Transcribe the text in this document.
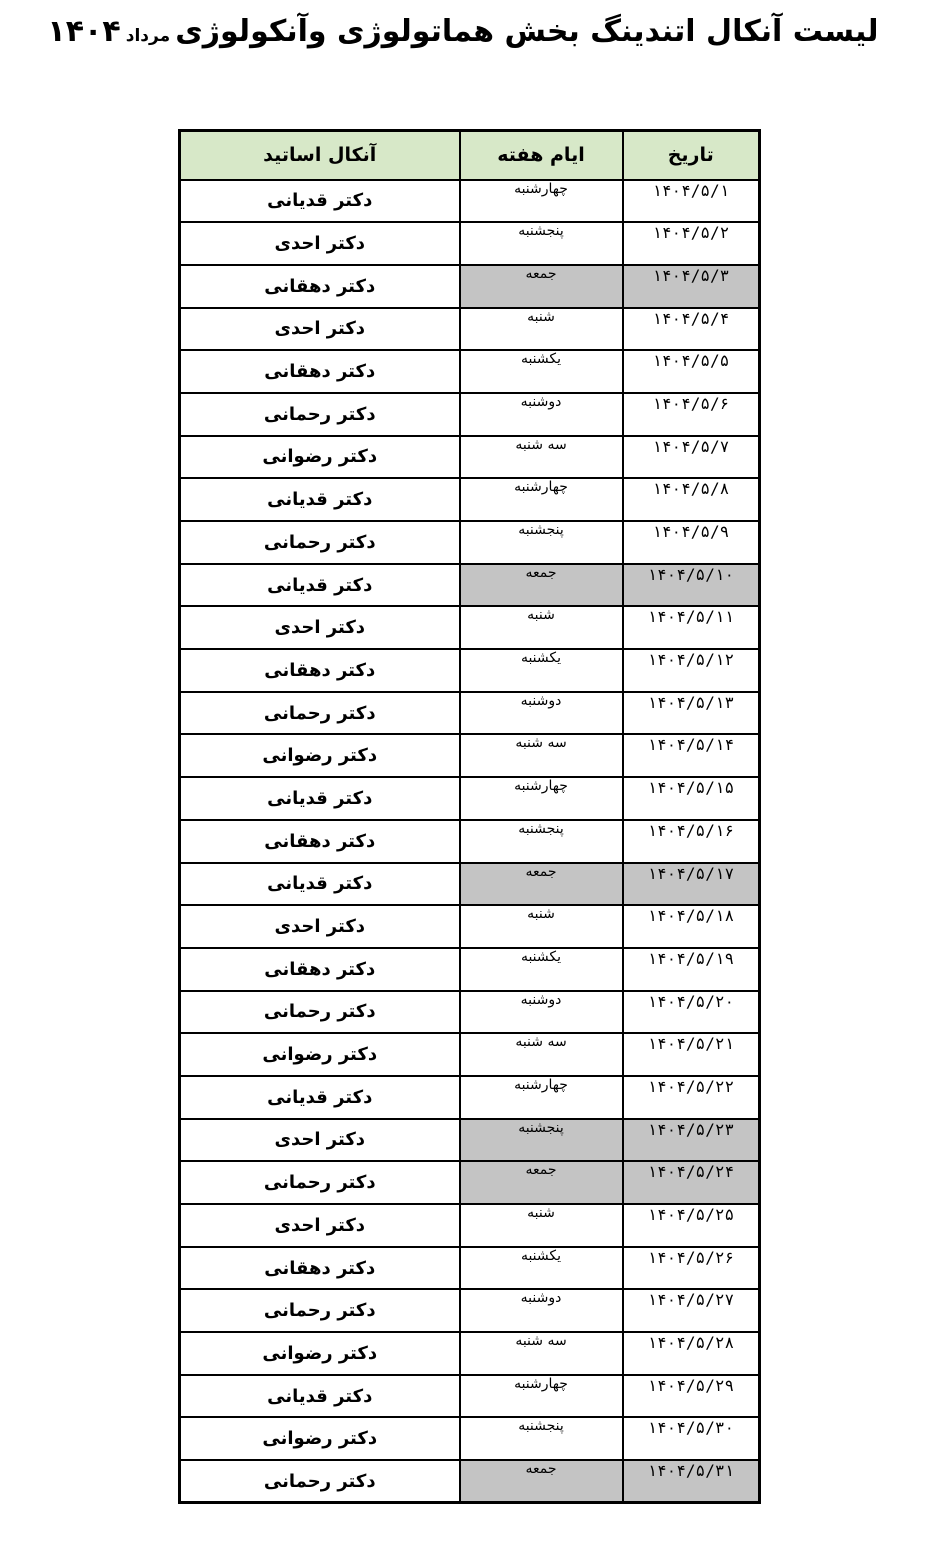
لیست آنکال اتندینگ بخش هماتولوژی وآنکولوژی مرداد ۱۴۰۴
تاریخ	ایام هفته	آنکال اساتید
۱۴۰۴/۵/۱	چهارشنبه	دکتر قدیانی
۱۴۰۴/۵/۲	پنجشنبه	دکتر احدی
۱۴۰۴/۵/۳	جمعه	دکتر دهقانی
۱۴۰۴/۵/۴	شنبه	دکتر احدی
۱۴۰۴/۵/۵	یکشنبه	دکتر دهقانی
۱۴۰۴/۵/۶	دوشنبه	دکتر رحمانی
۱۴۰۴/۵/۷	سه شنبه	دکتر رضوانی
۱۴۰۴/۵/۸	چهارشنبه	دکتر قدیانی
۱۴۰۴/۵/۹	پنجشنبه	دکتر رحمانی
۱۴۰۴/۵/۱۰	جمعه	دکتر قدیانی
۱۴۰۴/۵/۱۱	شنبه	دکتر احدی
۱۴۰۴/۵/۱۲	یکشنبه	دکتر دهقانی
۱۴۰۴/۵/۱۳	دوشنبه	دکتر رحمانی
۱۴۰۴/۵/۱۴	سه شنبه	دکتر رضوانی
۱۴۰۴/۵/۱۵	چهارشنبه	دکتر قدیانی
۱۴۰۴/۵/۱۶	پنجشنبه	دکتر دهقانی
۱۴۰۴/۵/۱۷	جمعه	دکتر قدیانی
۱۴۰۴/۵/۱۸	شنبه	دکتر احدی
۱۴۰۴/۵/۱۹	یکشنبه	دکتر دهقانی
۱۴۰۴/۵/۲۰	دوشنبه	دکتر رحمانی
۱۴۰۴/۵/۲۱	سه شنبه	دکتر رضوانی
۱۴۰۴/۵/۲۲	چهارشنبه	دکتر قدیانی
۱۴۰۴/۵/۲۳	پنجشنبه	دکتر احدی
۱۴۰۴/۵/۲۴	جمعه	دکتر رحمانی
۱۴۰۴/۵/۲۵	شنبه	دکتر احدی
۱۴۰۴/۵/۲۶	یکشنبه	دکتر دهقانی
۱۴۰۴/۵/۲۷	دوشنبه	دکتر رحمانی
۱۴۰۴/۵/۲۸	سه شنبه	دکتر رضوانی
۱۴۰۴/۵/۲۹	چهارشنبه	دکتر قدیانی
۱۴۰۴/۵/۳۰	پنجشنبه	دکتر رضوانی
۱۴۰۴/۵/۳۱	جمعه	دکتر رحمانی
